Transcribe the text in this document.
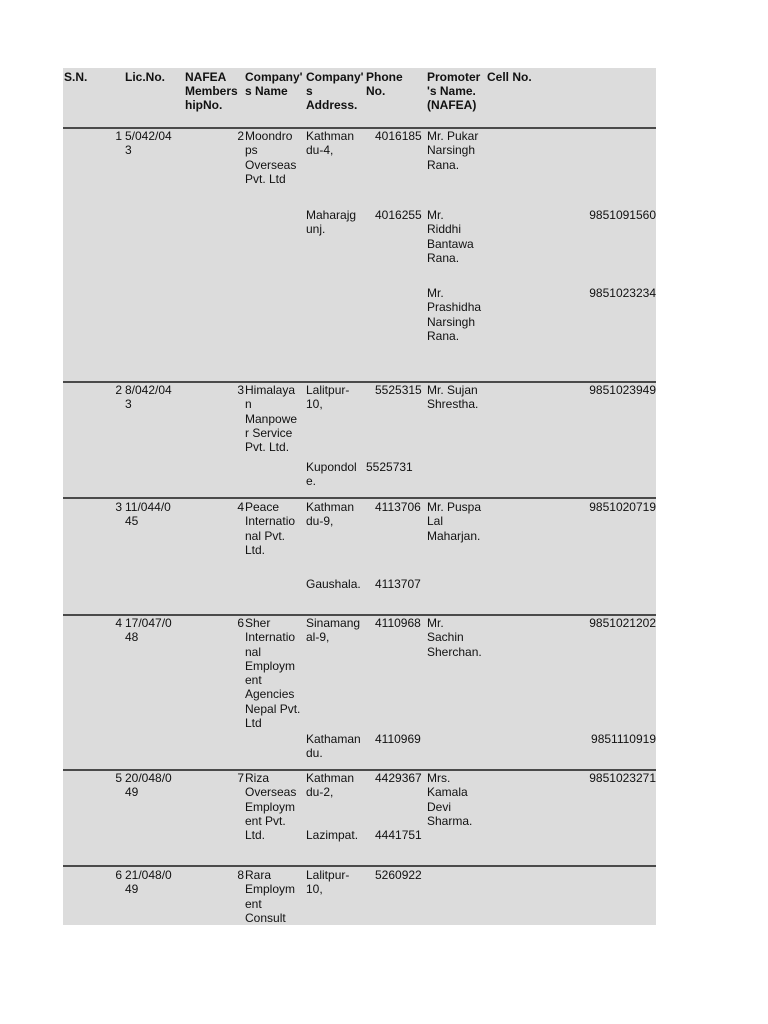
S.N.	Lic.No. NAFEA
Members
hipNo.
Company'
s Name
Company'
s
Address.
Phone
No.
Promoter
's Name.
(NAFEA)
Cell No.
1 5/042/04
3
2 Moondro
ps
Overseas
Pvt. Ltd
Kathman
du-4,
4016185 Mr. Pukar
Narsingh
Rana.
Maharajg
unj.
4016255 Mr.
Riddhi
Bantawa
Rana.
9851091560
Mr.
Prashidha
Narsingh
Rana.
9851023234
2 8/042/04
3
3 Himalaya
n
Manpowe
r Service
Pvt. Ltd.
Lalitpur-
10,
5525315 Mr. Sujan
Shrestha.
9851023949
Kupondol
e.
5525731
3 11/044/0
45
4 Peace
Internatio
nal Pvt.
Ltd.
Kathman
du-9,
4113706 Mr. Puspa
Lal
Maharjan.
9851020719
Gaushala. 4113707
4 17/047/0
48
6 Sher
Internatio
nal
Employm
ent
Agencies
Nepal Pvt.
Ltd
Sinamang
al-9,
4110968 Mr.
Sachin
Sherchan.
9851021202
Kathaman
du.
4110969	9851110919
5 20/048/0
49
7 Riza
Overseas
Employm
ent Pvt.
Ltd.
Kathman
du-2,
4429367 Mrs.
Kamala
Devi
Sharma.
9851023271
Lazimpat. 4441751
6 21/048/0
49
8 Rara
Employm
ent
Consult
Lalitpur-
10,
5260922
